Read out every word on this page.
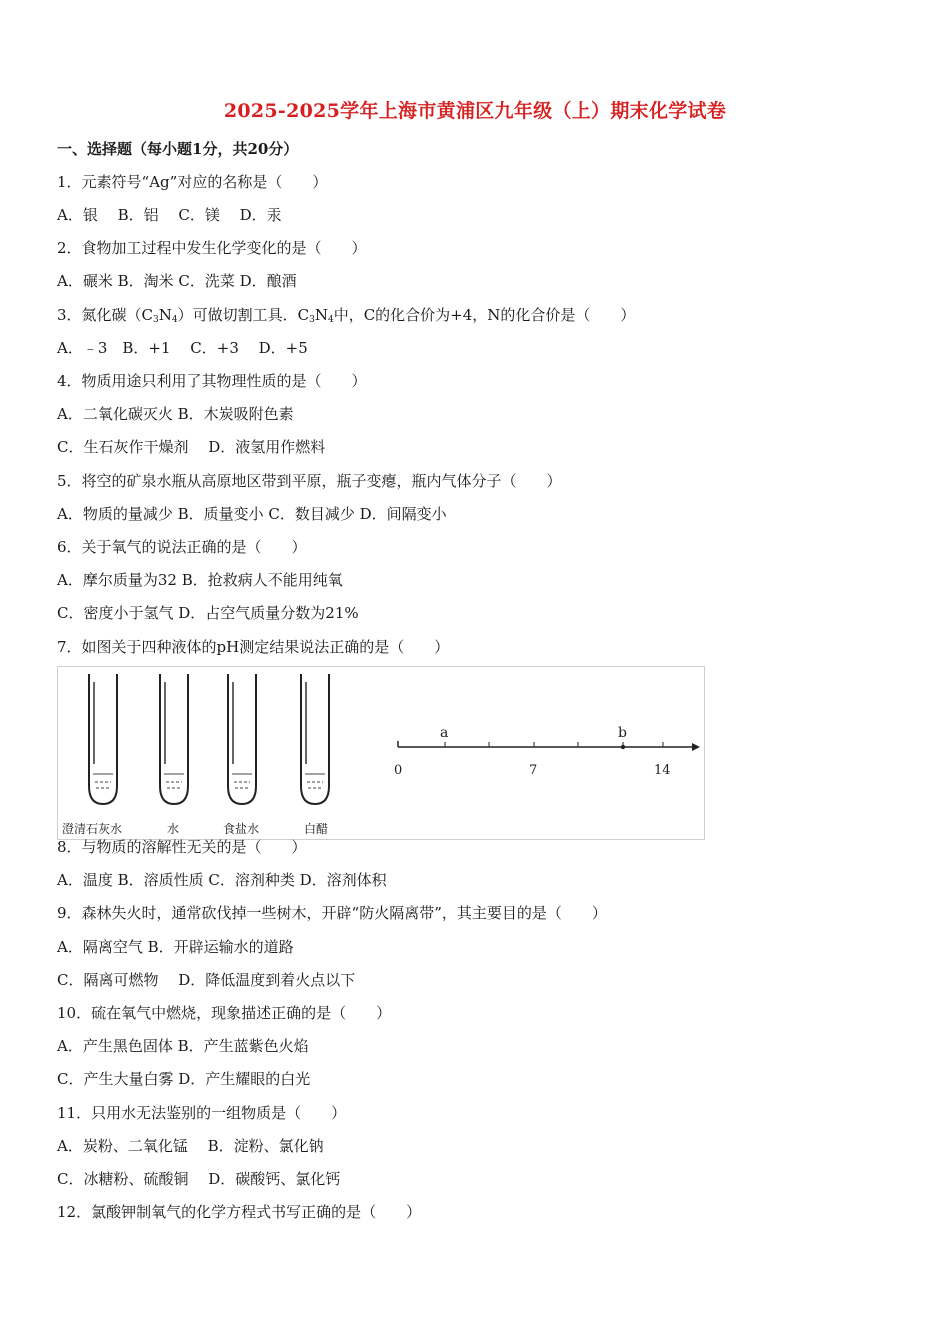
2025-2025学年上海市黄浦区九年级（上）期末化学试卷
一、选择题（每小题1分，共20分）
1．元素符号“Ag”对应的名称是（　　）
A．银　 B．铝　 C．镁　 D．汞
2．食物加工过程中发生化学变化的是（　　）
A．碾米 B．淘米 C．洗菜 D．酿酒
3．氮化碳$(C_3N_4)$可做切割工具．$C_3N_4$中，C的化合价为+4，N的化合价是（　　）
A．﹣3　B．+1　 C．+3　 D．+5
4．物质用途只利用了其物理性质的是（　　）
A．二氧化碳灭火 B．木炭吸附色素
C．生石灰作干燥剂　 D．液氢用作燃料
5．将空的矿泉水瓶从高原地区带到平原，瓶子变瘪，瓶内气体分子（　　）
A．物质的量减少 B．质量变小 C．数目减少 D．间隔变小
6．关于氧气的说法正确的是（　　）
A．摩尔质量为32 B．抢救病人不能用纯氧
C．密度小于氢气 D．占空气质量分数为21%
7．如图关于四种液体的pH测定结果说法正确的是（　　）
a	b
0	7	14
澄清石灰水	水	食盐水	白醋
8．与物质的溶解性无关的是（　　）
A．温度 B．溶质性质 C．溶剂种类 D．溶剂体积
9．森林失火时，通常砍伐掉一些树木，开辟“防火隔离带”，其主要目的是（　　）
A．隔离空气 B．开辟运输水的道路
C．隔离可燃物　 D．降低温度到着火点以下
10．硫在氧气中燃烧，现象描述正确的是（　　）
A．产生黑色固体 B．产生蓝紫色火焰
C．产生大量白雾 D．产生耀眼的白光
11．只用水无法鉴别的一组物质是（　　）
A．炭粉、二氧化锰　 B．淀粉、氯化钠
C．冰糖粉、硫酸铜　 D．碳酸钙、氯化钙
12．氯酸钾制氧气的化学方程式书写正确的是（　　）
